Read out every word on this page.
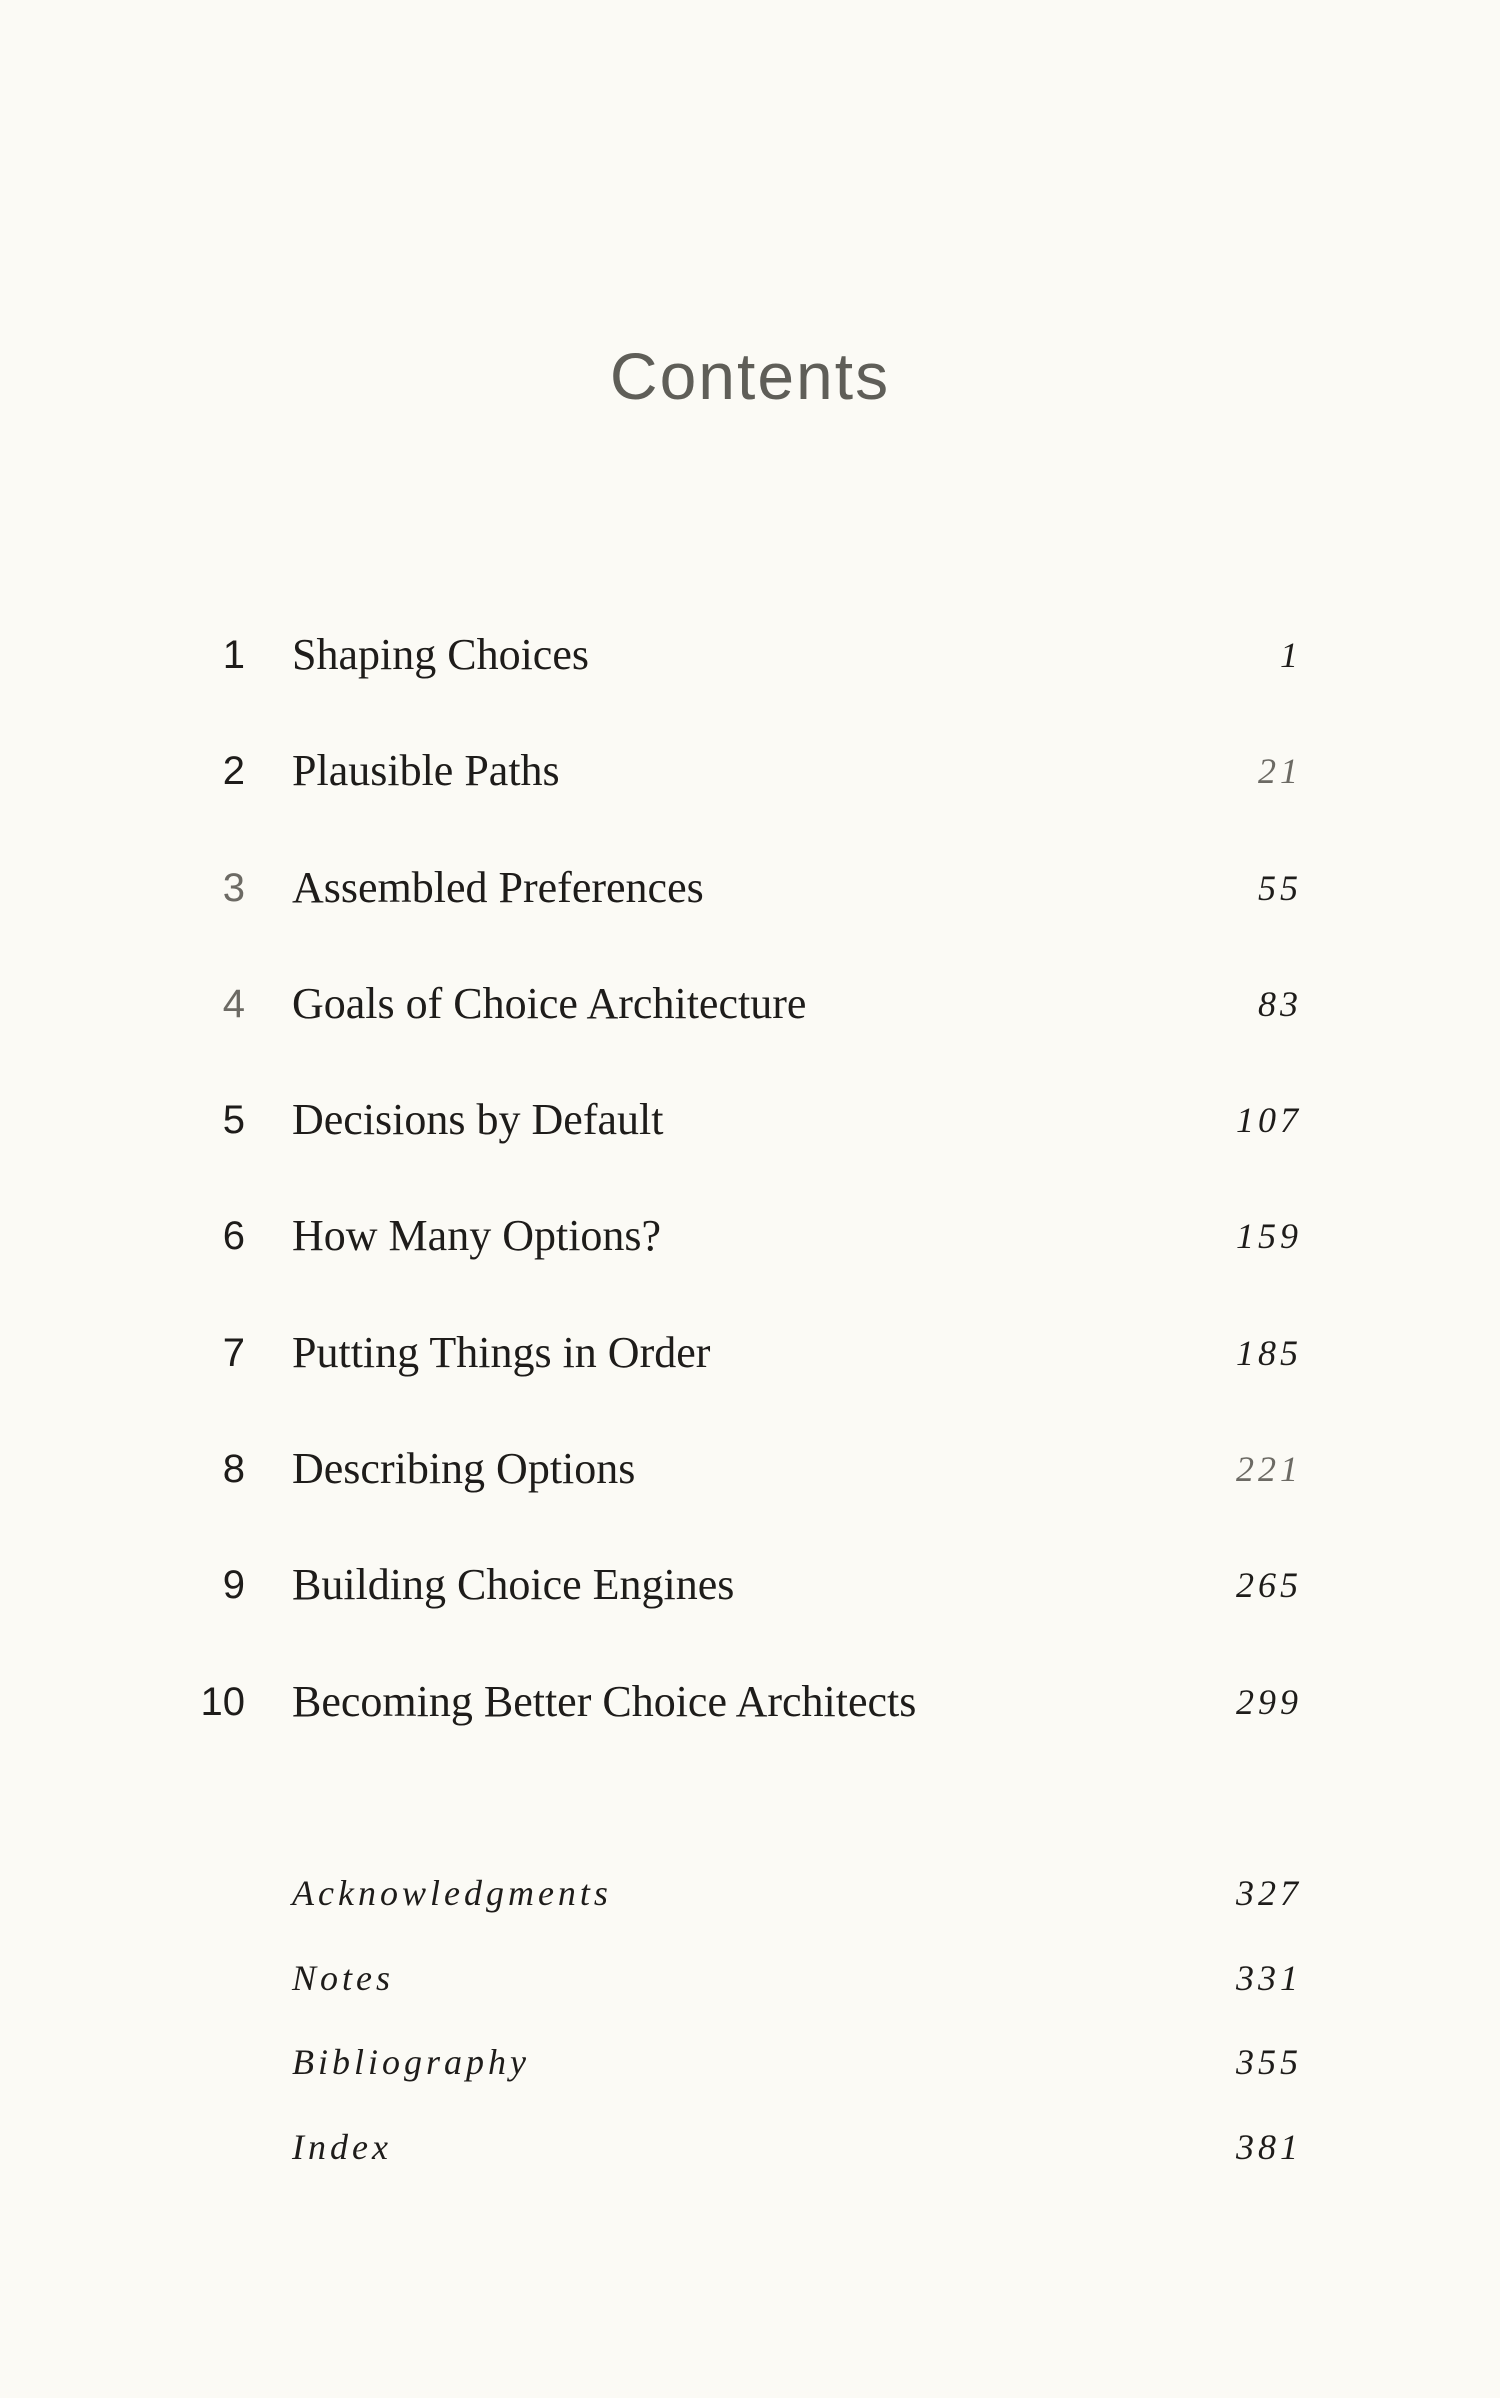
Contents
1 Shaping Choices	1
2 Plausible Paths	21
3 Assembled Preferences	55
4 Goals of Choice Architecture	83
5 Decisions by Default	107
6 How Many Options?	159
7 Putting Things in Order	185
8 Describing Options	221
9 Building Choice Engines	265
10 Becoming Better Choice Architects	299
Acknowledgments	327
Notes	331
Bibliography	355
Index	381
